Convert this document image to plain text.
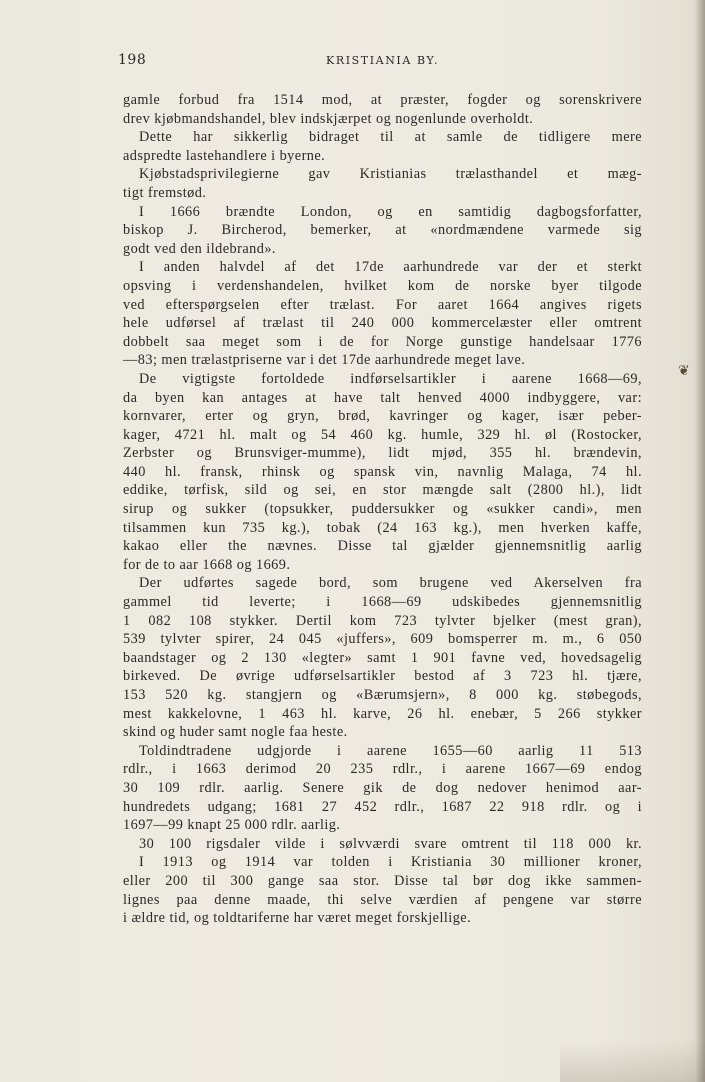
198	KRISTIANIA BY.
gamle forbud fra 1514 mod, at præster, fogder og sorenskrivere
drev kjøbmandshandel, blev indskjærpet og nogenlunde overholdt.
Dette har sikkerlig bidraget til at samle de tidligere mere
adspredte lastehandlere i byerne.
Kjøbstadsprivilegierne gav Kristianias trælasthandel et mæg-
tigt fremstød.
I 1666 brændte London, og en samtidig dagbogsforfatter,
biskop J. Bircherod, bemerker, at «nordmændene varmede sig
godt ved den ildebrand».
I anden halvdel af det 17de aarhundrede var der et sterkt
opsving i verdenshandelen, hvilket kom de norske byer tilgode
ved efterspørgselen efter trælast. For aaret 1664 angives rigets
hele udførsel af trælast til 240 000 kommercelæster eller omtrent
dobbelt saa meget som i de for Norge gunstige handelsaar 1776
—83; men trælastpriserne var i det 17de aarhundrede meget lave.
De vigtigste fortoldede indførselsartikler i aarene 1668—69,
da byen kan antages at have talt henved 4000 indbyggere, var:
kornvarer, erter og gryn, brød, kavringer og kager, især peber-
kager, 4721 hl. malt og 54 460 kg. humle, 329 hl. øl (Rostocker,
Zerbster og Brunsviger-mumme), lidt mjød, 355 hl. brændevin,
440 hl. fransk, rhinsk og spansk vin, navnlig Malaga, 74 hl.
eddike, tørfisk, sild og sei, en stor mængde salt (2800 hl.), lidt
sirup og sukker (topsukker, puddersukker og «sukker candi», men
tilsammen kun 735 kg.), tobak (24 163 kg.), men hverken kaffe,
kakao eller the nævnes. Disse tal gjælder gjennemsnitlig aarlig
for de to aar 1668 og 1669.
Der udførtes sagede bord, som brugene ved Akerselven fra
gammel tid leverte; i 1668—69 udskibedes gjennemsnitlig
1 082 108 stykker. Dertil kom 723 tylvter bjelker (mest gran),
539 tylvter spirer, 24 045 «juffers», 609 bomsperrer m. m., 6 050
baandstager og 2 130 «legter» samt 1 901 favne ved, hovedsagelig
birkeved. De øvrige udførselsartikler bestod af 3 723 hl. tjære,
153 520 kg. stangjern og «Bærumsjern», 8 000 kg. støbegods,
mest kakkelovne, 1 463 hl. karve, 26 hl. enebær, 5 266 stykker
skind og huder samt nogle faa heste.
Toldindtradene udgjorde i aarene 1655—60 aarlig 11 513
rdlr., i 1663 derimod 20 235 rdlr., i aarene 1667—69 endog
30 109 rdlr. aarlig. Senere gik de dog nedover henimod aar-
hundredets udgang; 1681 27 452 rdlr., 1687 22 918 rdlr. og i
1697—99 knapt 25 000 rdlr. aarlig.
30 100 rigsdaler vilde i sølvværdi svare omtrent til 118 000 kr.
I 1913 og 1914 var tolden i Kristiania 30 millioner kroner,
eller 200 til 300 gange saa stor. Disse tal bør dog ikke sammen-
lignes paa denne maade, thi selve værdien af pengene var større
i ældre tid, og toldtariferne har været meget forskjellige.
❦
